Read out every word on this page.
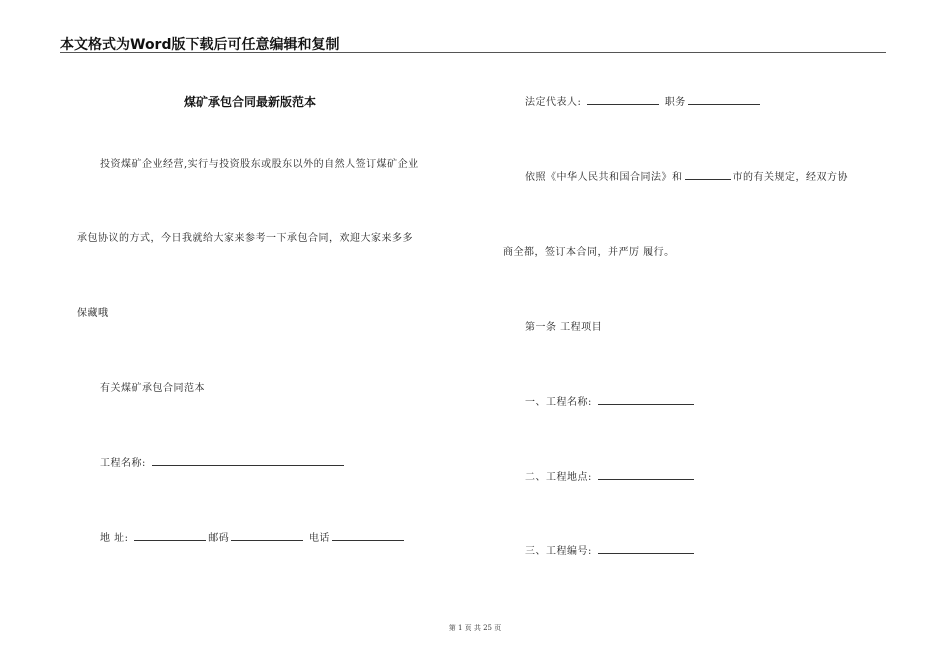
本文格式为Word版下载后可任意编辑和复制
煤矿承包合同最新版范本
投资煤矿企业经营,实行与投资股东或股东以外的自然人签订煤矿企业
承包协议的方式，今日我就给大家来参考一下承包合同，欢迎大家来多多
保藏哦
有关煤矿承包合同范本
工程名称:
地 址:	邮码	电话
法定代表人:	职务
依照《中华人民共和国合同法》和	市的有关规定，经双方协
商全都，签订本合同，并严厉 履行。
第一条 工程项目
一、工程名称:
二、工程地点:
三、工程编号:
第 1 页 共 25 页
